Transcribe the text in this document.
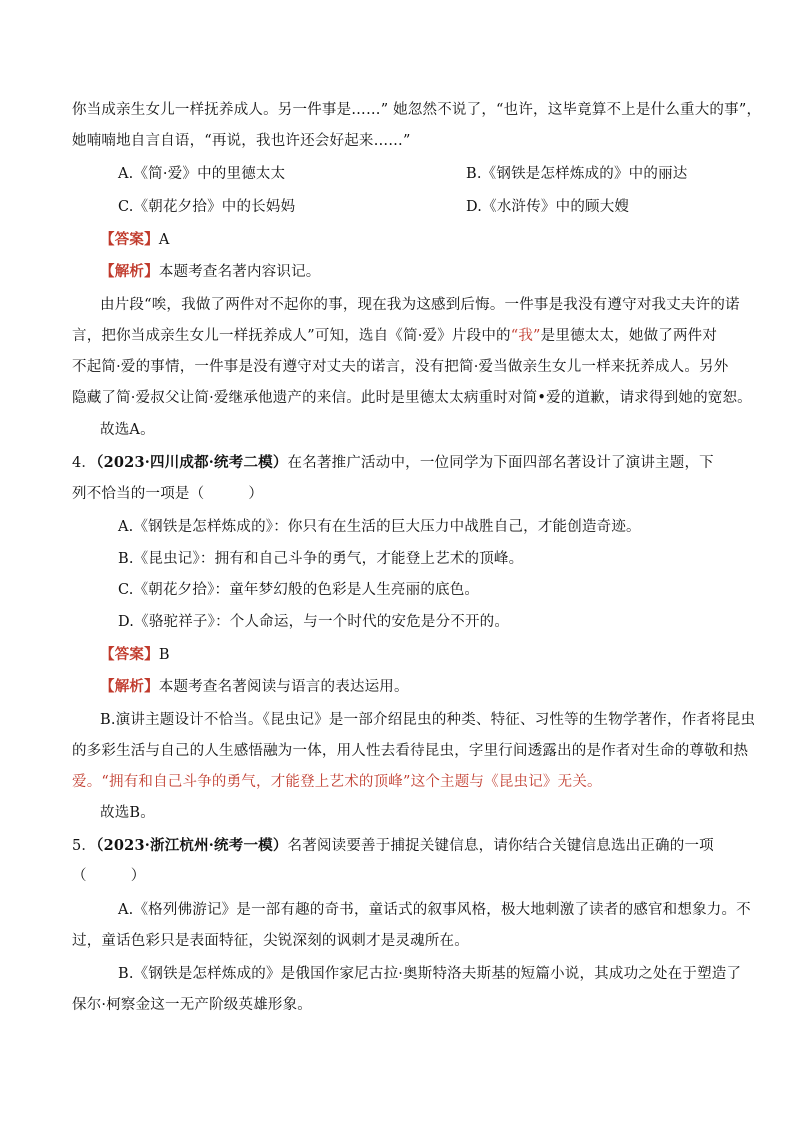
你当成亲生女儿一样抚养成人。另一件事是……” 她忽然不说了，“也许，这毕竟算不上是什么重大的事”，
她喃喃地自言自语，“再说，我也许还会好起来……”
A.《简·爱》中的里德太太	B.《钢铁是怎样炼成的》中的丽达
C.《朝花夕拾》中的长妈妈	D.《水浒传》中的顾大嫂
【答案】A
【解析】本题考查名著内容识记。
由片段“唉，我做了两件对不起你的事，现在我为这感到后悔。一件事是我没有遵守对我丈夫许的诺
言，把你当成亲生女儿一样抚养成人”可知，选自《简·爱》片段中的“我”是里德太太，她做了两件对
不起简·爱的事情，一件事是没有遵守对丈夫的诺言，没有把简·爱当做亲生女儿一样来抚养成人。另外
隐藏了简·爱叔父让简·爱继承他遗产的来信。此时是里德太太病重时对简•爱的道歉，请求得到她的宽恕。
故选A。
4．（2023·四川成都·统考二模）在名著推广活动中，一位同学为下面四部名著设计了演讲主题，下
列不恰当的一项是（　　　）
A.《钢铁是怎样炼成的》：你只有在生活的巨大压力中战胜自己，才能创造奇迹。
B.《昆虫记》：拥有和自己斗争的勇气，才能登上艺术的顶峰。
C.《朝花夕拾》：童年梦幻般的色彩是人生亮丽的底色。
D.《骆驼祥子》：个人命运，与一个时代的安危是分不开的。
【答案】B
【解析】本题考查名著阅读与语言的表达运用。
B.演讲主题设计不恰当。《昆虫记》是一部介绍昆虫的种类、特征、习性等的生物学著作，作者将昆虫
的多彩生活与自己的人生感悟融为一体，用人性去看待昆虫，字里行间透露出的是作者对生命的尊敬和热
爱。“拥有和自己斗争的勇气，才能登上艺术的顶峰”这个主题与《昆虫记》无关。
故选B。
5．（2023·浙江杭州·统考一模）名著阅读要善于捕捉关键信息，请你结合关键信息选出正确的一项
（　　　）
A.《格列佛游记》是一部有趣的奇书，童话式的叙事风格，极大地刺激了读者的感官和想象力。不
过，童话色彩只是表面特征，尖锐深刻的讽刺才是灵魂所在。
B.《钢铁是怎样炼成的》是俄国作家尼古拉·奥斯特洛夫斯基的短篇小说，其成功之处在于塑造了
保尔·柯察金这一无产阶级英雄形象。
